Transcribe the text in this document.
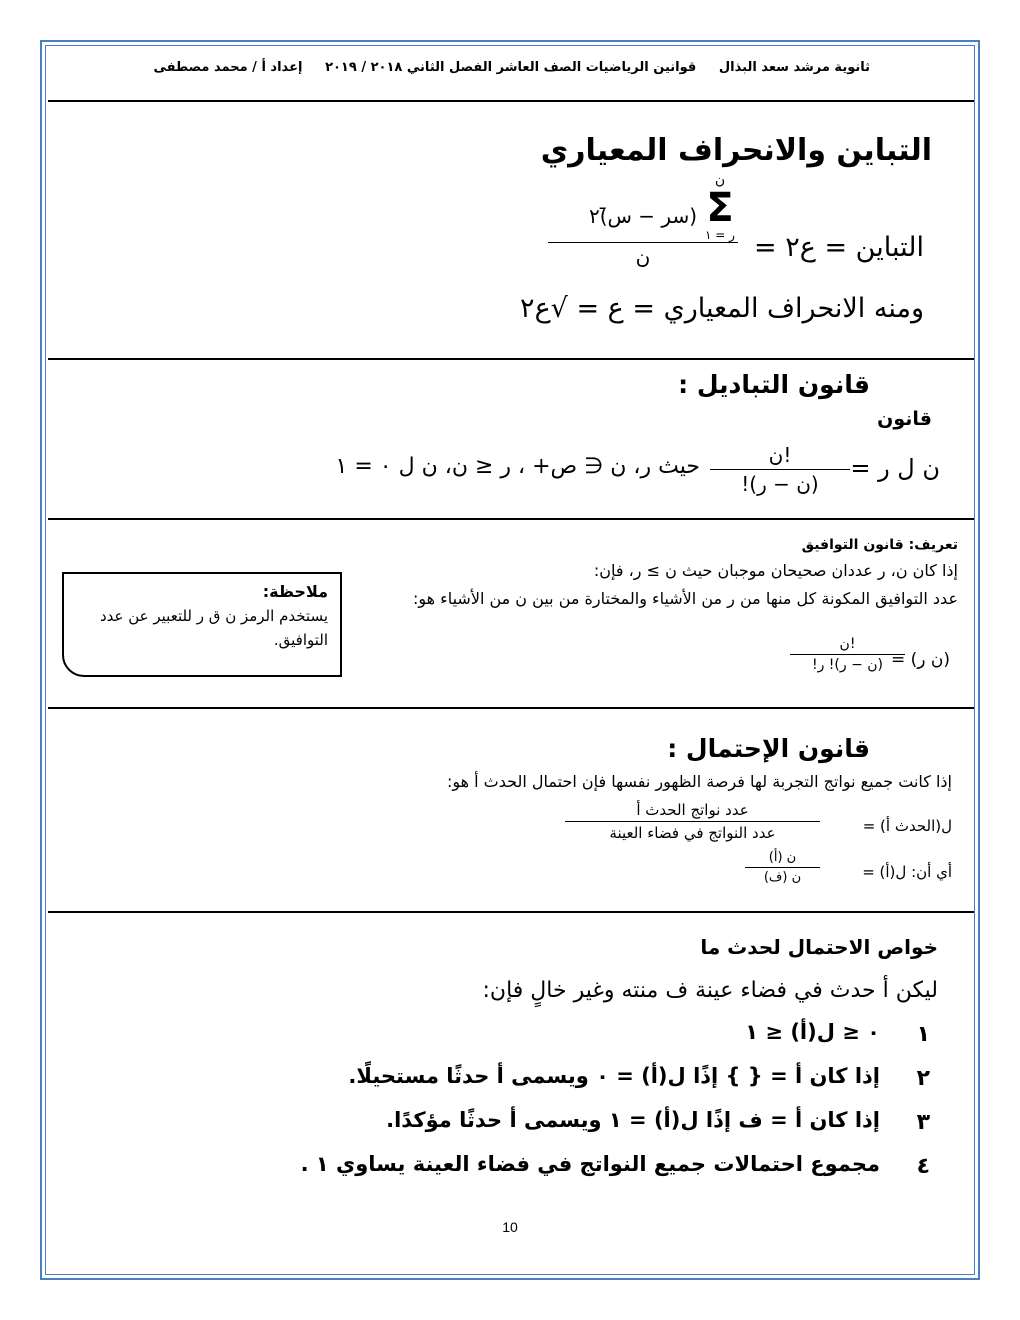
ثانوية مرشد سعد البذال     قوانين الرياضيات الصف العاشر الفصل الثاني ٢٠١٨ / ٢٠١٩     إعداد أ / محمد مصطفى
التباين والانحراف المعياري
التباين = ع٢ =
ن
Σ
ر = ١
(سر − س̄)٢
ن
ومنه الانحراف المعياري = ع = √ع٢
قانون التباديل :
قانون
ن ل ر =
ن!
(ن − ر)!
حيث ر، ن ∈ ص+ ، ر ≤ ن، ن ل ٠ = ١
تعريف: قانون التوافيق
إذا كان ن، ر عددان صحيحان موجبان حيث ن ≥ ر، فإن:
عدد التوافيق المكونة كل منها من ر من الأشياء والمختارة من بين ن من الأشياء هو:
(ن ر) =
ن!
(ن − ر)! ر!
ملاحظة:
يستخدم الرمز ن ق ر للتعبير عن عدد التوافيق.
قانون الإحتمال :
إذا كانت جميع نواتج التجربة لها فرصة الظهور نفسها فإن احتمال الحدث أ هو:
ل(الحدث أ) =
عدد نواتج الحدث أ
عدد النواتج في فضاء العينة
أي أن: ل(أ) =
ن (أ)
ن (ف)
خواص الاحتمال لحدث ما
ليكن أ حدث في فضاء عينة ف منته وغير خالٍ فإن:
١
٠ ≤ ل(أ) ≤ ١
٢
إذا كان أ = { } إذًا ل(أ) = ٠ ويسمى أ حدثًا مستحيلًا.
٣
إذا كان أ = ف إذًا ل(أ) = ١ ويسمى أ حدثًا مؤكدًا.
٤
مجموع احتمالات جميع النواتج في فضاء العينة يساوي ١ .
10
